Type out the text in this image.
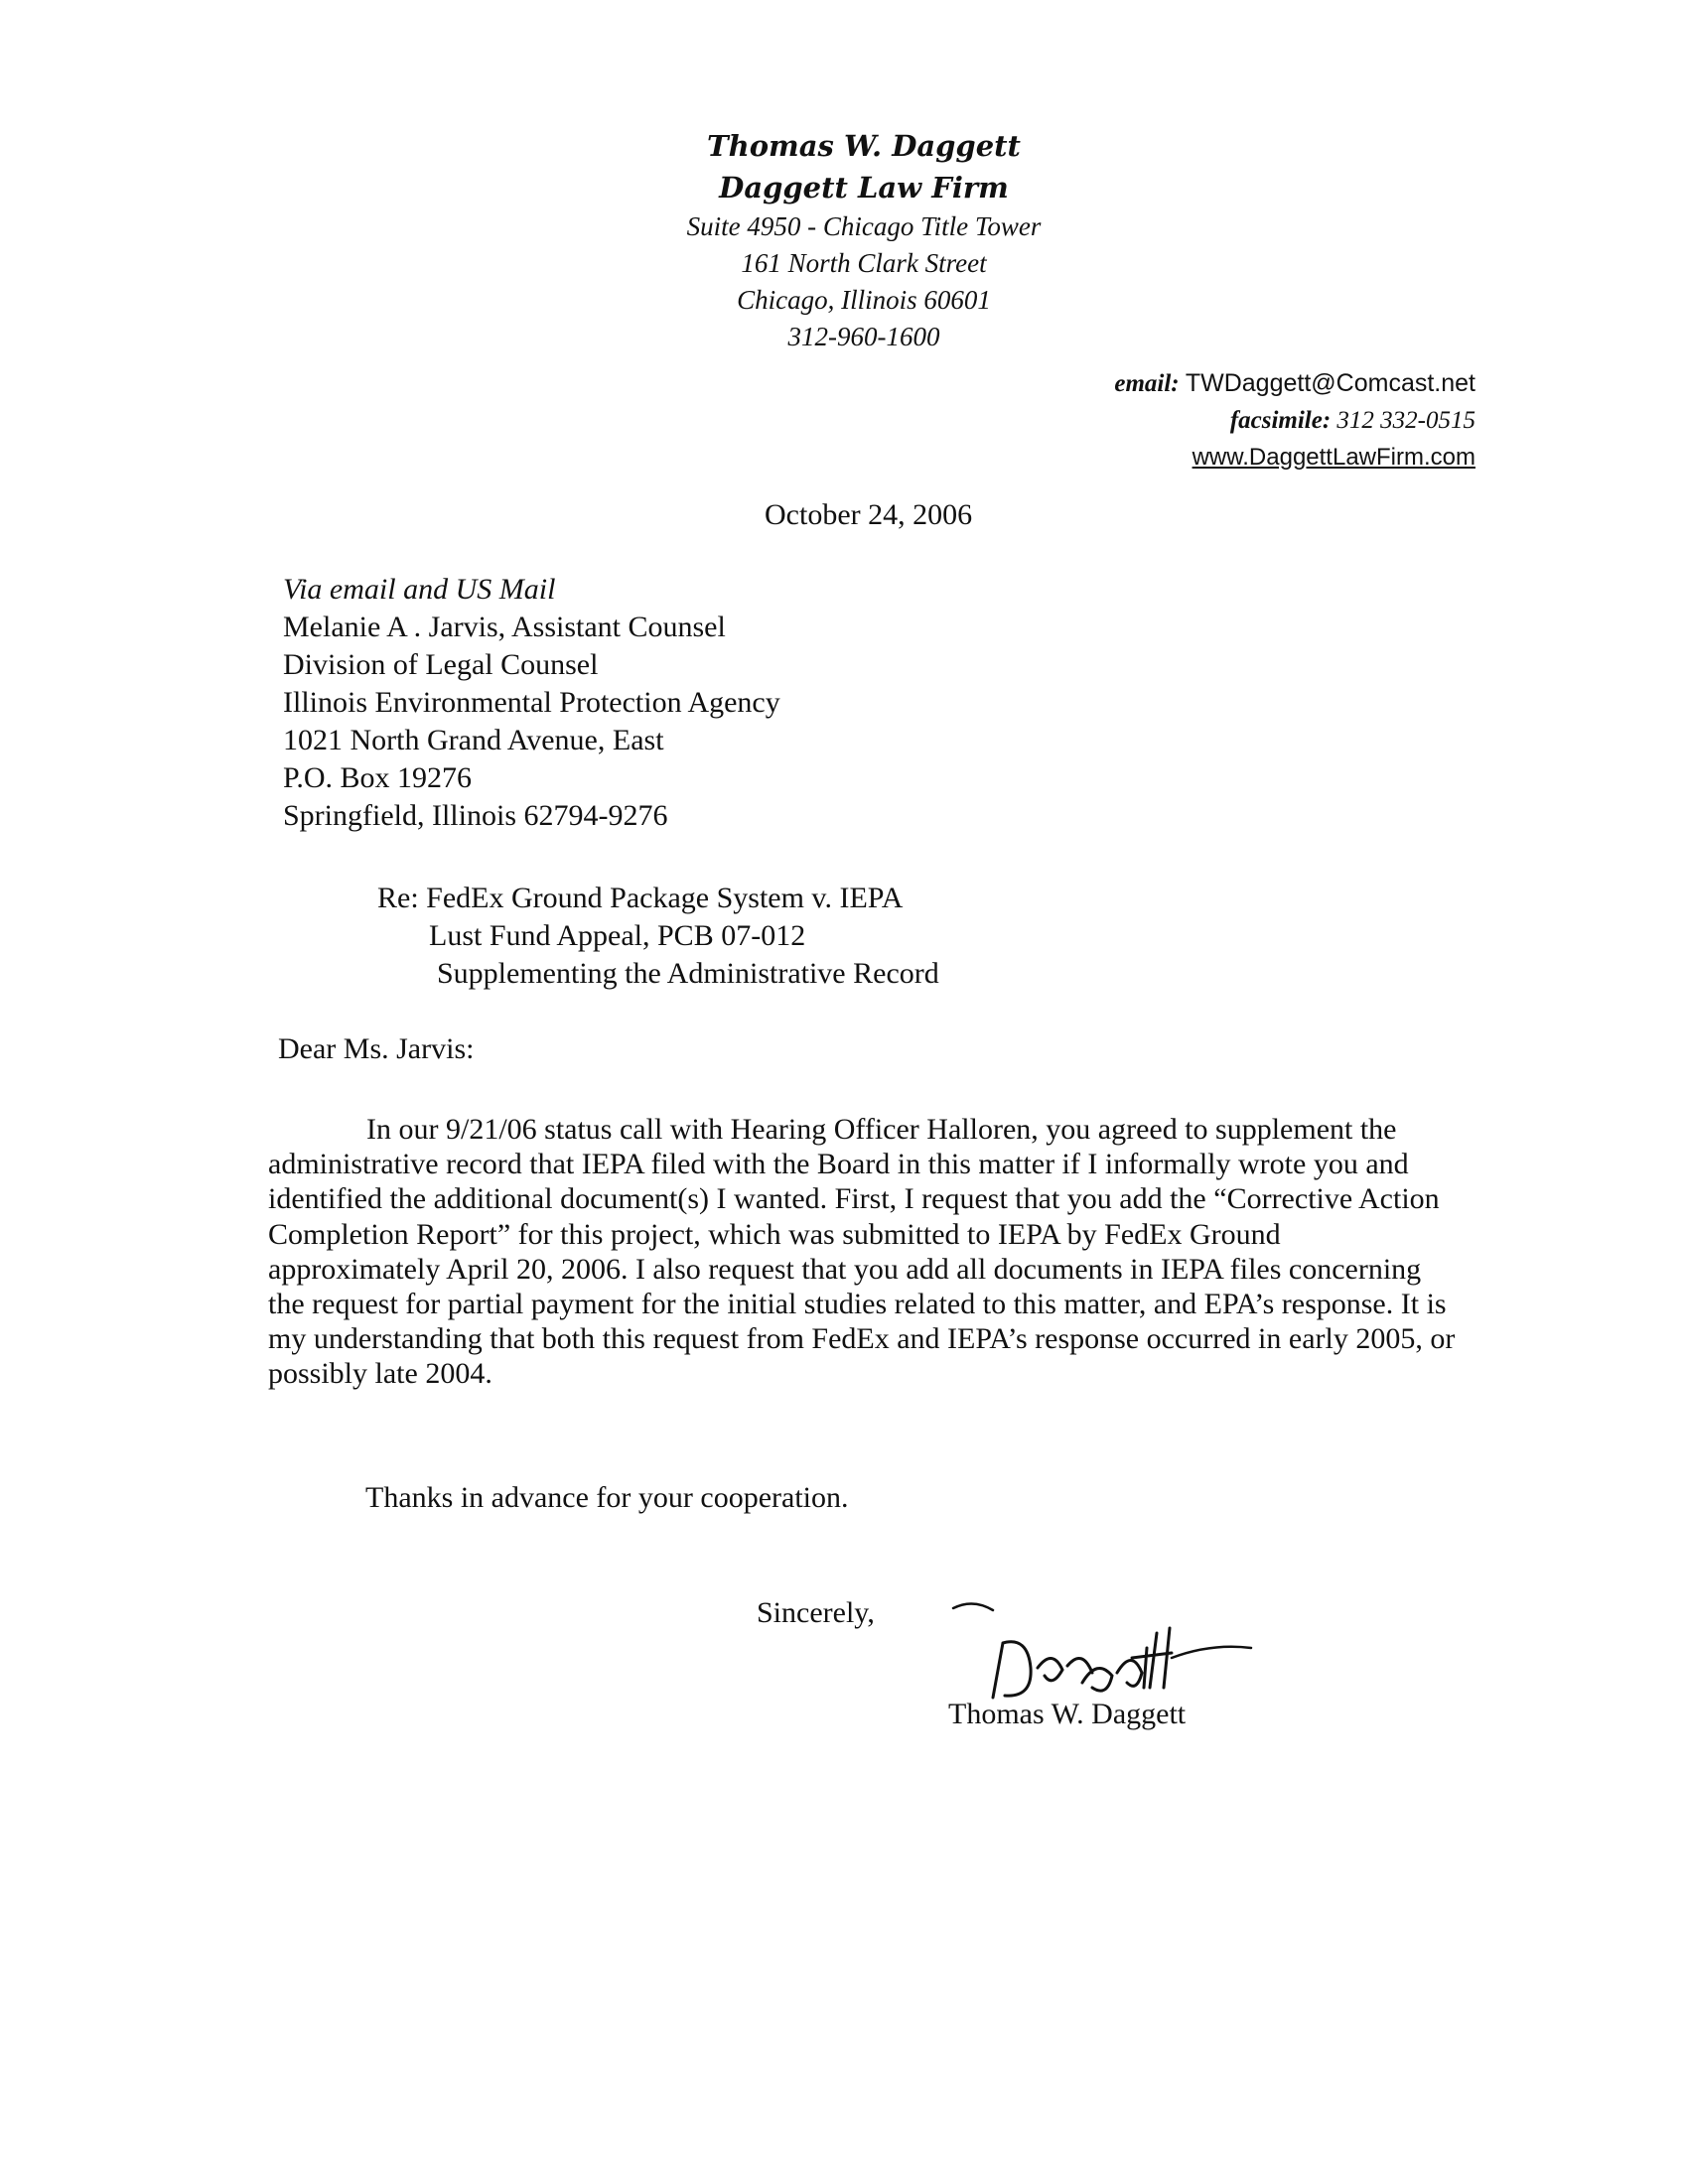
Thomas W. Daggett
Daggett Law Firm
Suite 4950 - Chicago Title Tower
161 North Clark Street
Chicago, Illinois 60601
312-960-1600
email: TWDaggett@Comcast.net
facsimile: 312 332-0515
www.DaggettLawFirm.com
October 24, 2006
Via email and US Mail
Melanie A . Jarvis, Assistant Counsel
Division of Legal Counsel
Illinois Environmental Protection Agency
1021 North Grand Avenue, East
P.O. Box 19276
Springfield, Illinois 62794-9276
Re: FedEx Ground Package System v. IEPA
Lust Fund Appeal, PCB 07-012
Supplementing the Administrative Record
Dear Ms. Jarvis:
In our 9/21/06 status call with Hearing Officer Halloren, you agreed to supplement the administrative record that IEPA filed with the Board in this matter if I informally wrote you and identified the additional document(s) I wanted. First, I request that you add the “Corrective Action Completion Report” for this project, which was submitted to IEPA by FedEx Ground approximately April 20, 2006. I also request that you add all documents in IEPA files concerning the request for partial payment for the initial studies related to this matter, and EPA’s response. It is my understanding that both this request from FedEx and IEPA’s response occurred in early 2005, or possibly late 2004.
Thanks in advance for your cooperation.
Sincerely,
Thomas W. Daggett
